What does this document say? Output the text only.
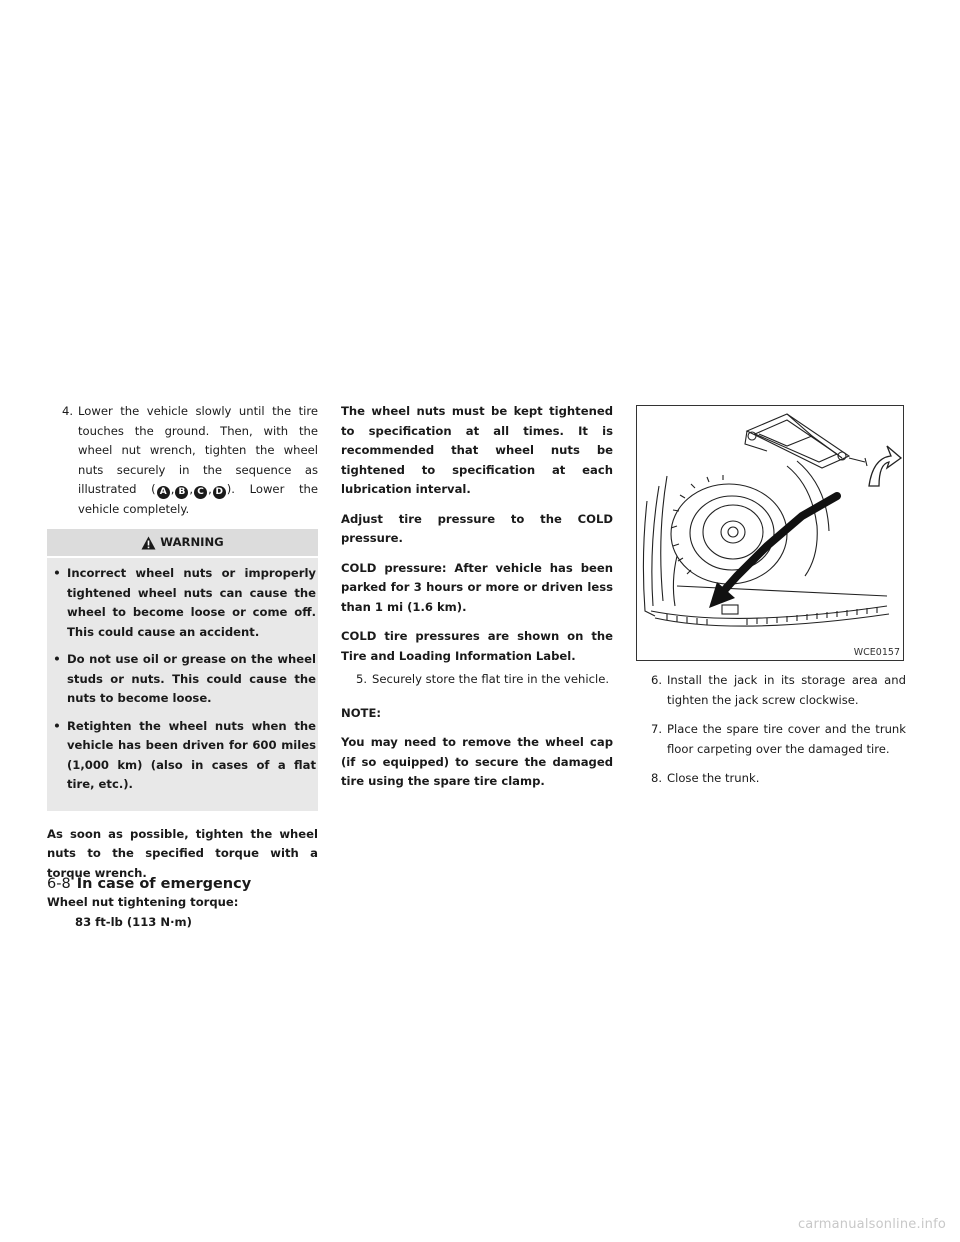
4. Lower the vehicle slowly until the tire touches the ground. Then, with the wheel nut wrench, tighten the wheel nuts securely in the sequence as illustrated ( A , B , C , D ). Lower the vehicle completely.
WARNING
• Incorrect wheel nuts or improperly tightened wheel nuts can cause the wheel to become loose or come off. This could cause an accident.
• Do not use oil or grease on the wheel studs or nuts. This could cause the nuts to become loose.
• Retighten the wheel nuts when the vehicle has been driven for 600 miles (1,000 km) (also in cases of a flat tire, etc.).

As soon as possible, tighten the wheel nuts to the specified torque with a torque wrench.

Wheel nut tightening torque:

83 ft-lb (113 N·m)

The wheel nuts must be kept tightened to specification at all times. It is recommended that wheel nuts be tightened to specification at each lubrication interval.

Adjust tire pressure to the COLD pressure.

COLD pressure: After vehicle has been parked for 3 hours or more or driven less than 1 mi (1.6 km).

COLD tire pressures are shown on the Tire and Loading Information Label.

5. Securely store the flat tire in the vehicle.

NOTE:

You may need to remove the wheel cap (if so equipped) to secure the damaged tire using the spare tire clamp.

WCE0157
6. Install the jack in its storage area and tighten the jack screw clockwise.
7. Place the spare tire cover and the trunk floor carpeting over the damaged tire.
8. Close the trunk.
6-8 In case of emergency
carmanualsonline.info
